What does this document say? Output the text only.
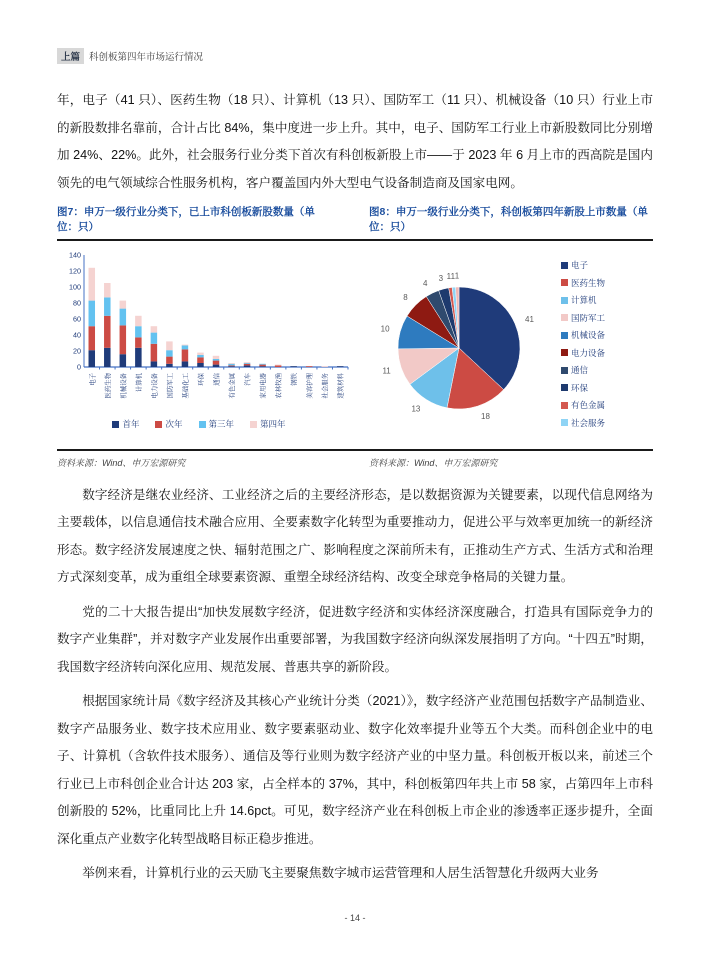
上篇 科创板第四年市场运行情况

年，电子（41 只）、医药生物（18 只）、计算机（13 只）、国防军工（11 只）、机械设备（10 只）行业上市的新股数排名靠前，合计占比 84%，集中度进一步上升。其中，电子、国防军工行业上市新股数同比分别增加 24%、22%。此外，社会服务行业分类下首次有科创板新股上市——于 2023 年 6 月上市的西高院是国内领先的电气领域综合性服务机构，客户覆盖国内外大型电气设备制造商及国家电网。

图7：申万一级行业分类下，已上市科创板新股数量（单位：只）

图8：申万一级行业分类下，科创板第四年新股上市数量（单位：只）

0
20
40
60
80
100
120
140
电子	医药生物	机械设备	计算机	电力设备	国防军工	基础化工	环保	通信	有色金属	汽车	家用电器	农林牧渔	钢铁	美容护理	社会服务	建筑材料
首年	次年	第三年	第四年
41
18
13
11
10
8
4
3 1 1 1
电子
医药生物
计算机
国防军工
机械设备
电力设备
通信
环保
有色金属
社会服务
资料来源：Wind、申万宏源研究	资料来源：Wind、申万宏源研究

数字经济是继农业经济、工业经济之后的主要经济形态，是以数据资源为关键要素，以现代信息网络为主要载体，以信息通信技术融合应用、全要素数字化转型为重要推动力，促进公平与效率更加统一的新经济形态。数字经济发展速度之快、辐射范围之广、影响程度之深前所未有，正推动生产方式、生活方式和治理方式深刻变革，成为重组全球要素资源、重塑全球经济结构、改变全球竞争格局的关键力量。

党的二十大报告提出“加快发展数字经济，促进数字经济和实体经济深度融合，打造具有国际竞争力的数字产业集群”，并对数字产业发展作出重要部署，为我国数字经济向纵深发展指明了方向。“十四五”时期，我国数字经济转向深化应用、规范发展、普惠共享的新阶段。

根据国家统计局《数字经济及其核心产业统计分类（2021）》，数字经济产业范围包括数字产品制造业、数字产品服务业、数字技术应用业、数字要素驱动业、数字化效率提升业等五个大类。而科创企业中的电子、计算机（含软件技术服务）、通信及等行业则为数字经济产业的中坚力量。科创板开板以来，前述三个行业已上市科创企业合计达 203 家，占全样本的 37%，其中，科创板第四年共上市 58 家，占第四年上市科创新股的 52%，比重同比上升 14.6pct。可见，数字经济产业在科创板上市企业的渗透率正逐步提升，全面深化重点产业数字化转型战略目标正稳步推进。

举例来看，计算机行业的云天励飞主要聚焦数字城市运营管理和人居生活智慧化升级两大业务

- 14 -
